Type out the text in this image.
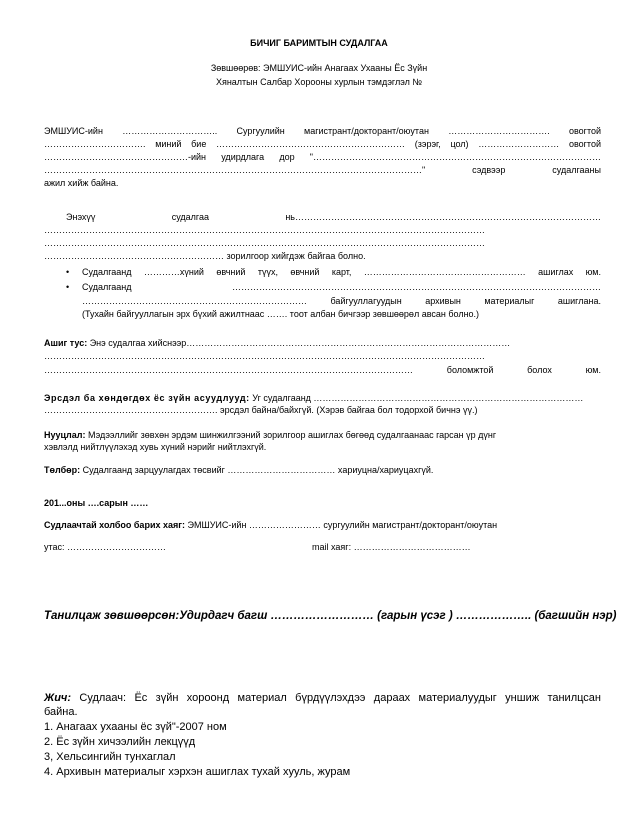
БИЧИГ БАРИМТЫН СУДАЛГАА
Зөвшөөрөв: ЭМШУИС-ийн Анагаах Ухааны Ёс Зүйн
Хяналтын Салбар Хорооны хурлын тэмдэглэл №
ЭМШУИС-ийн ………………………….. Сургуулийн магистрант/докторант/оюутан ……………………………. овогтой
……………………………. миний бие ……………………………………………………… (зэрэг, цол) ……………………… овогтой
…………………………………………-ийн удирдлага дор "……………………………………………………………………………………
………………………………………………………………………………………………………………" сэдвээр судалгааны
ажил хийж байна.
Энэхүү судалгаа нь…………………………………………………………………………………………
…………………………………………………………………………………………………………………………………
…………………………………………………………………………………………………………………………………
…………………………………………………… зорилгоор хийгдэж байгаа болно.
• Судалгаанд …………хүний өвчний түүх, өвчний карт, ……………………………………………… ашиглах юм.
• Судалгаанд ……………………………………………………………………………………………………………
………………………………………………………………… байгууллагуудын архивын материалыг ашиглана.
(Тухайн байгууллагын эрх бүхий ажилтнаас ……. тоот албан бичгээр зөвшөөрөл авсан болно.)
Ашиг тус: Энэ судалгаа хийснээр………………………………………………………………………………………………
…………………………………………………………………………………………………………………………………
…………………………………………………………………………………………………………… боломжтой болох юм.
Эрсдэл ба хөндөгдөх ёс зүйн асуудлууд: Уг судалгаанд ………………………………………………………………………………
…………………………………………………. эрсдэл байна/байхгүй. (Хэрэв байгаа бол тодорхой бичнэ үү.)
Нууцлал: Мэдээллийг зөвхөн эрдэм шинжилгээний зорилгоор ашиглах бөгөөд судалгаанаас гарсан үр дүнг
хэвлэлд нийтлүүлэхэд хувь хүний нэрийг нийтлэхгүй.
Төлбөр: Судалгаанд зарцуулагдах төсвийг ……………………………… хариуцна/хариуцахгүй.
201...оны ….сарын ……
Судлаачтай холбоо барих хаяг: ЭМШУИС-ийн …………………… сургуулийн магистрант/докторант/оюутан
утас: ……………………………	mail хаяг: …………………………………
Танилцаж зөвшөөрсөн:Удирдагч багш ……………………… (гарын үсэг ) ……………….. (багшийн нэр)
Жич: Судлаач: Ёс зүйн хороонд материал бүрдүүлэхдээ дараах материалуудыг уншиж танилцсан
байна.
1. Анагаах ухааны ёс зүй"-2007 ном
2. Ёс зүйн хичээлийн лекцүүд
3, Хельсингийн тунхаглал
4. Архивын материалыг хэрхэн ашиглах тухай хууль, журам
